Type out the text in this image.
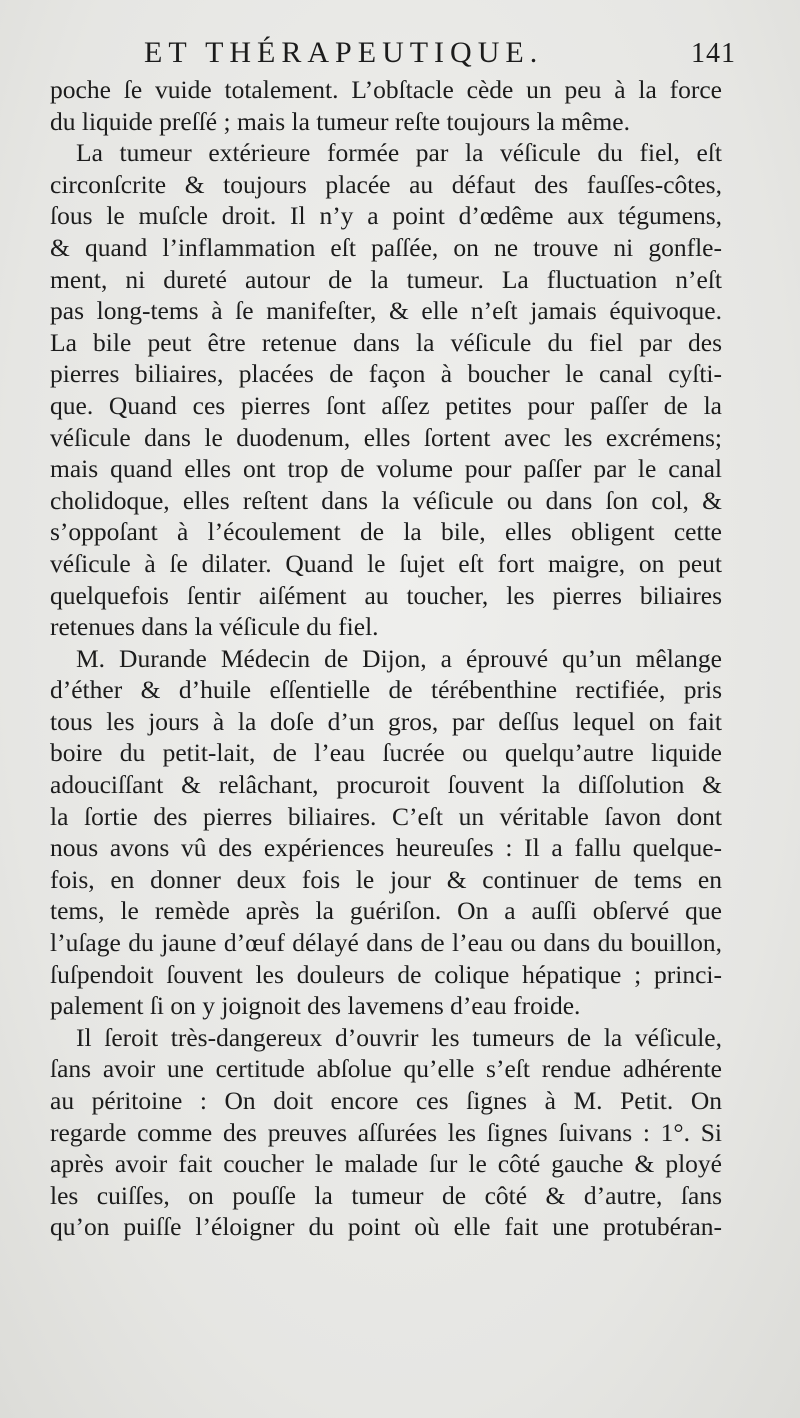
ET THÉRAPEUTIQUE.	141
poche ſe vuide totalement. L’obſtacle cède un peu à la force
du liquide preſſé ; mais la tumeur reſte toujours la même.
La tumeur extérieure formée par la véſicule du fiel, eſt
circonſcrite & toujours placée au défaut des fauſſes-côtes,
ſous le muſcle droit. Il n’y a point d’œdême aux tégumens,
& quand l’inflammation eſt paſſée, on ne trouve ni gonfle-
ment, ni dureté autour de la tumeur. La fluctuation n’eſt
pas long-tems à ſe manifeſter, & elle n’eſt jamais équivoque.
La bile peut être retenue dans la véſicule du fiel par des
pierres biliaires, placées de façon à boucher le canal cyſti-
que. Quand ces pierres ſont aſſez petites pour paſſer de la
véſicule dans le duodenum, elles ſortent avec les excrémens;
mais quand elles ont trop de volume pour paſſer par le canal
cholidoque, elles reſtent dans la véſicule ou dans ſon col, &
s’oppoſant à l’écoulement de la bile, elles obligent cette
véſicule à ſe dilater. Quand le ſujet eſt fort maigre, on peut
quelquefois ſentir aiſément au toucher, les pierres biliaires
retenues dans la véſicule du fiel.
M. Durande Médecin de Dijon, a éprouvé qu’un mêlange
d’éther & d’huile eſſentielle de térébenthine rectifiée, pris
tous les jours à la doſe d’un gros, par deſſus lequel on fait
boire du petit-lait, de l’eau ſucrée ou quelqu’autre liquide
adouciſſant & relâchant, procuroit ſouvent la diſſolution &
la ſortie des pierres biliaires. C’eſt un véritable ſavon dont
nous avons vû des expériences heureuſes : Il a fallu quelque-
fois, en donner deux fois le jour & continuer de tems en
tems, le remède après la guériſon. On a auſſi obſervé que
l’uſage du jaune d’œuf délayé dans de l’eau ou dans du bouillon,
ſuſpendoit ſouvent les douleurs de colique hépatique ; princi-
palement ſi on y joignoit des lavemens d’eau froide.
Il ſeroit très-dangereux d’ouvrir les tumeurs de la véſicule,
ſans avoir une certitude abſolue qu’elle s’eſt rendue adhérente
au péritoine : On doit encore ces ſignes à M. Petit. On
regarde comme des preuves aſſurées les ſignes ſuivans : 1°. Si
après avoir fait coucher le malade ſur le côté gauche & ployé
les cuiſſes, on pouſſe la tumeur de côté & d’autre, ſans
qu’on puiſſe l’éloigner du point où elle fait une protubéran-
